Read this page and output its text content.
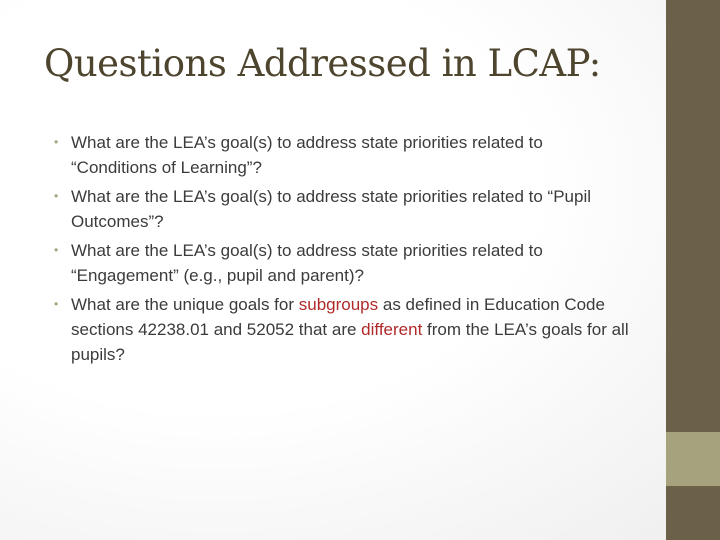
Questions Addressed in LCAP:
• What are the LEA’s goal(s) to address state priorities related to “Conditions of Learning”?
• What are the LEA’s goal(s) to address state priorities related to “Pupil Outcomes”?
• What are the LEA’s goal(s) to address state priorities related to “Engagement” (e.g., pupil and parent)?
• What are the unique goals for subgroups as defined in Education Code sections 42238.01 and 52052 that are different from the LEA’s goals for all pupils?
